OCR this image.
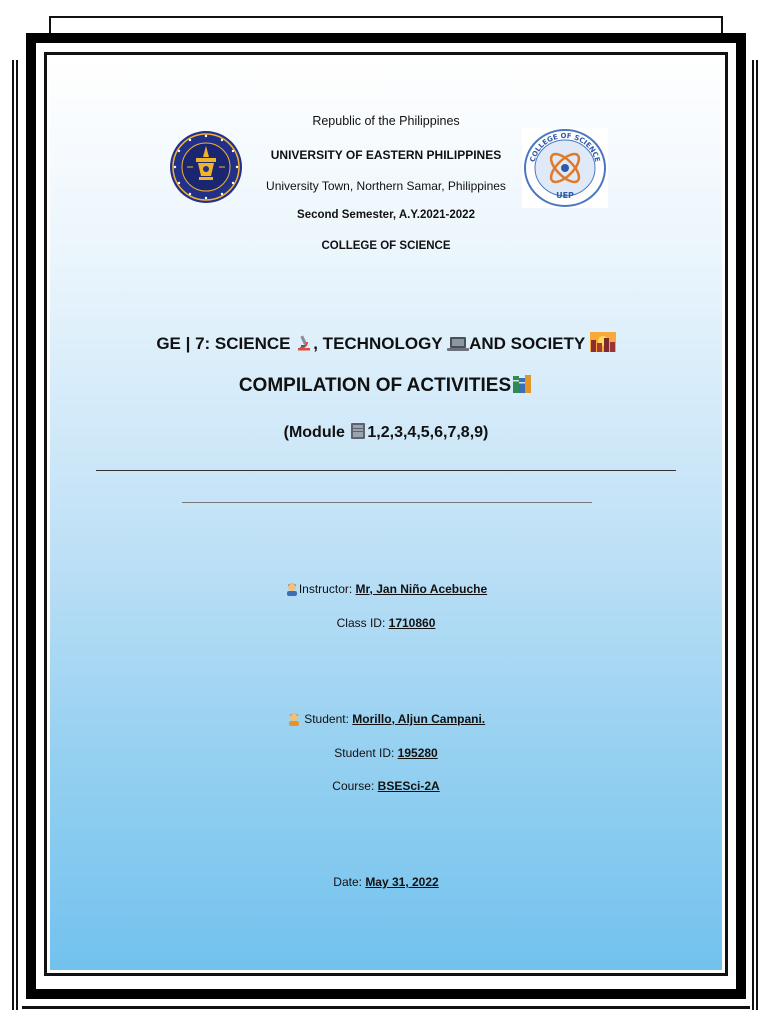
COLLEGE OF SCIENCE
UEP
Republic of the Philippines
UNIVERSITY OF EASTERN PHILIPPINES
University Town, Northern Samar, Philippines
Second Semester, A.Y.2021-2022
COLLEGE OF SCIENCE
GE | 7: SCIENCE , TECHNOLOGY AND SOCIETY
COMPILATION OF ACTIVITIES
(Module 1,2,3,4,5,6,7,8,9)
Instructor: Mr, Jan Niño Acebuche
Class ID: 1710860
Student: Morillo, Aljun Campani.
Student ID: 195280
Course: BSESci-2A
Date: May 31, 2022
